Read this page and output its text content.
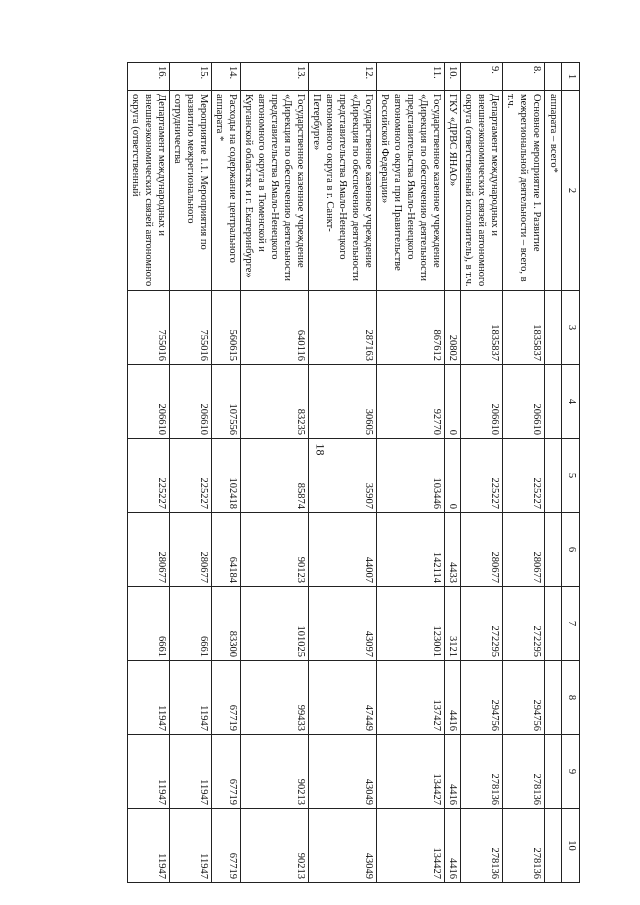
18
1	2	3	4	5	6	7	8	9	10
	аппарата – всего*								
8.	Основное мероприятие 1. Развитие межрегиональной деятельности – всего, в т.ч.	1835837	206610	225227	280677	272295	294756	278136	278136
9.	Департамент международных и внешнеэкономических связей автономного округа (ответственный исполнитель), в т.ч.	1835837	206610	225227	280677	272295	294756	278136	278136
10.	ГКУ «ДРВС ЯНАО»	20802	0	0	4433	3121	4416	4416	4416
11.	Государственное казенное учреждение «Дирекция по обеспечению деятельности представительства Ямало-Ненецкого автономного округа при Правительстве Российской Федерации»	867612	92770	103446	142114	123001	137427	134427	134427
12.	Государственное казенное учреждение «Дирекция по обеспечению деятельности представительства Ямало-Ненецкого автономного округа в г. Санкт- Петербурге»	287163	30605	35907	44007	43097	47449	43049	43049
13.	Государственное казенное учреждение «Дирекция по обеспечению деятельности представительства Ямало-Ненецкого автономного округа в Тюменской и Курганской областях и г. Екатеринбурге»	640116	83235	85874	90123	101025	99433	90213	90213
14.	Расходы на содержание центрального аппарата *	560615	107556	102418	64184	83300	67719	67719	67719
15.	Мероприятие 1.1. Мероприятия по развитию межрегионального сотрудничества	755016	206610	225227	280677	6661	11947	11947	11947
16.	Департамент международных и внешнеэкономических связей автономного округа (ответственный	755016	206610	225227	280677	6661	11947	11947	11947
